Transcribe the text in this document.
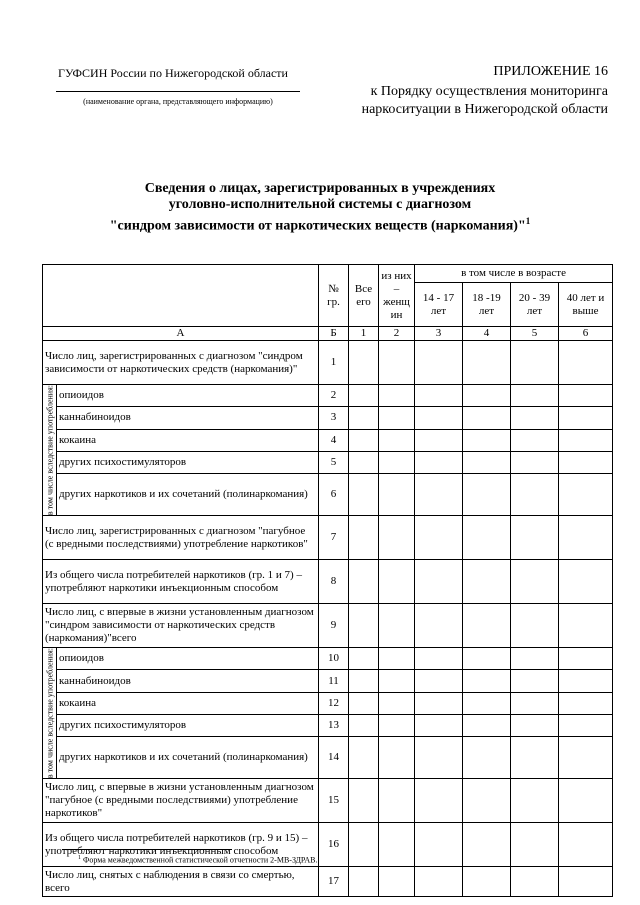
ГУФСИН России по Нижегородской области
(наименование органа, представляющего информацию)
ПРИЛОЖЕНИЕ 16
к Порядку осуществления мониторинга
наркоситуации в Нижегородской области
Сведения о лицах, зарегистрированных в учреждениях
уголовно-исполнительной системы с диагнозом
"синдром зависимости от наркотических веществ (наркомания)"$^1$
		№ гр.	Все его	из них – женщ ин	в том числе в возрасте			
					14 - 17 лет	18 -19 лет	20 - 39 лет	40 лет и выше
А		Б	1	2	3	4	5	6
Число лиц, зарегистрированных с диагнозом "синдром зависимости от наркотических средств (наркомания)"		1						
в том числе вследствие употребления:	опиоидов	2						
	каннабиноидов	3						
	кокаина	4						
	других психостимуляторов	5						
	других наркотиков и их сочетаний (полинаркомания)	6						
Число лиц, зарегистрированных с диагнозом "пагубное (с вредными последствиями) употребление наркотиков"		7						
Из общего числа потребителей наркотиков (гр. 1 и 7) – употребляют наркотики инъекционным способом		8						
Число лиц, с впервые в жизни установленным диагнозом "синдром зависимости от наркотических средств (наркомания)"всего		9						
в том числе вследствие употребления:	опиоидов	10						
	каннабиноидов	11						
	кокаина	12						
	других психостимуляторов	13						
	других наркотиков и их сочетаний (полинаркомания)	14						
Число лиц, с впервые в жизни установленным диагнозом "пагубное (с вредными последствиями) употребление наркотиков"		15						
Из общего числа потребителей наркотиков (гр. 9 и 15) – употребляют наркотики инъекционным способом		16						
Число лиц, снятых с наблюдения в связи со смертью, всего		17						
$^1$ Форма межведомственной статистической отчетности 2-МВ-ЗДРАВ.
